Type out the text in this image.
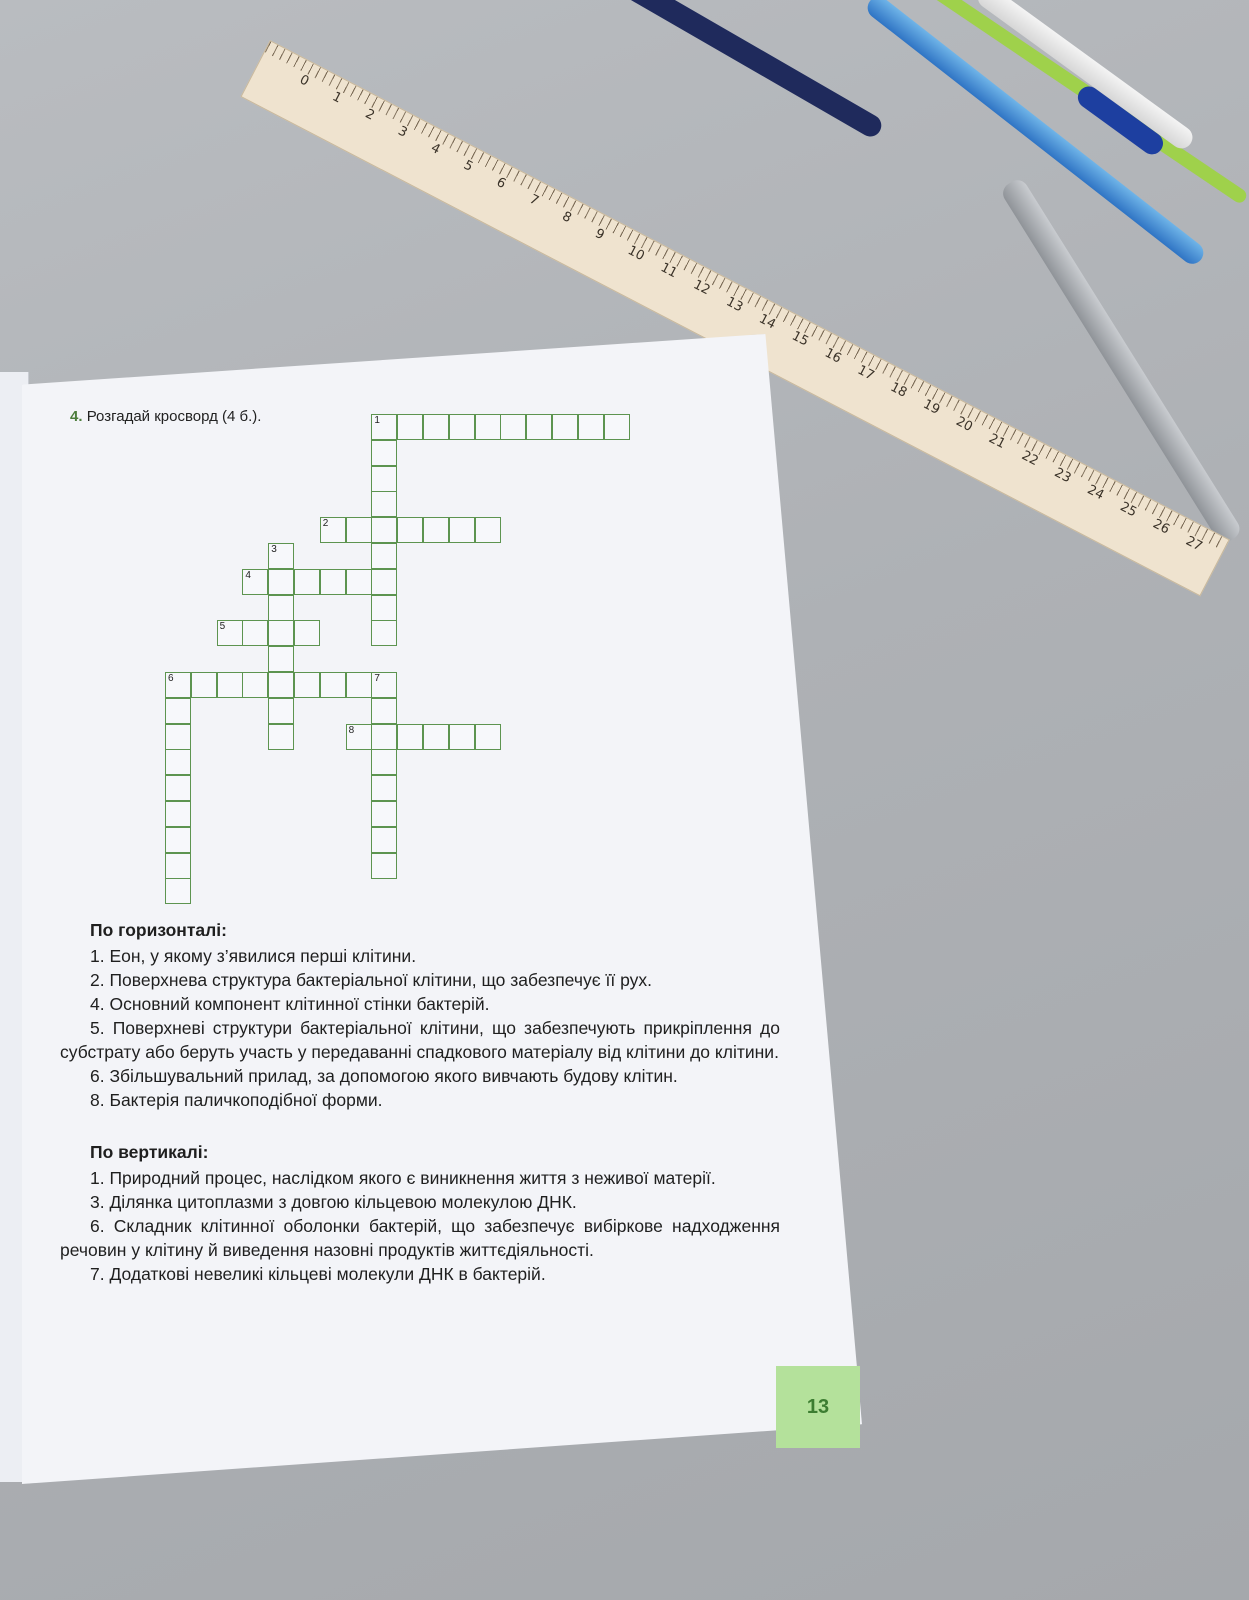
0
1
2
3
4
5
6
7
8
9
10
11
12
13
14
15
16
17
18
19
20
21
22
23
24
25
26
27
4. Розгадай кросворд (4 б.).	1
2
3
4
5
6	7
8
По горизонталі:
1. Еон, у якому з’явилися перші клітини.
2. Поверхнева структура бактеріальної клітини, що забезпечує її рух.
4. Основний компонент клітинної стінки бактерій.
5. Поверхневі структури бактеріальної клітини, що забезпечують прикріплення до субстрату або беруть участь у передаванні спадкового матеріалу від клітини до клітини.
6. Збільшувальний прилад, за допомогою якого вивчають будову клітин.
8. Бактерія паличкоподібної форми.
По вертикалі:
1. Природний процес, наслідком якого є виникнення життя з неживої матерії.
3. Ділянка цитоплазми з довгою кільцевою молекулою ДНК.
6. Складник клітинної оболонки бактерій, що забезпечує вибіркове надходження речовин у клітину й виведення назовні продуктів життєдіяльності.
7. Додаткові невеликі кільцеві молекули ДНК в бактерій.
13
